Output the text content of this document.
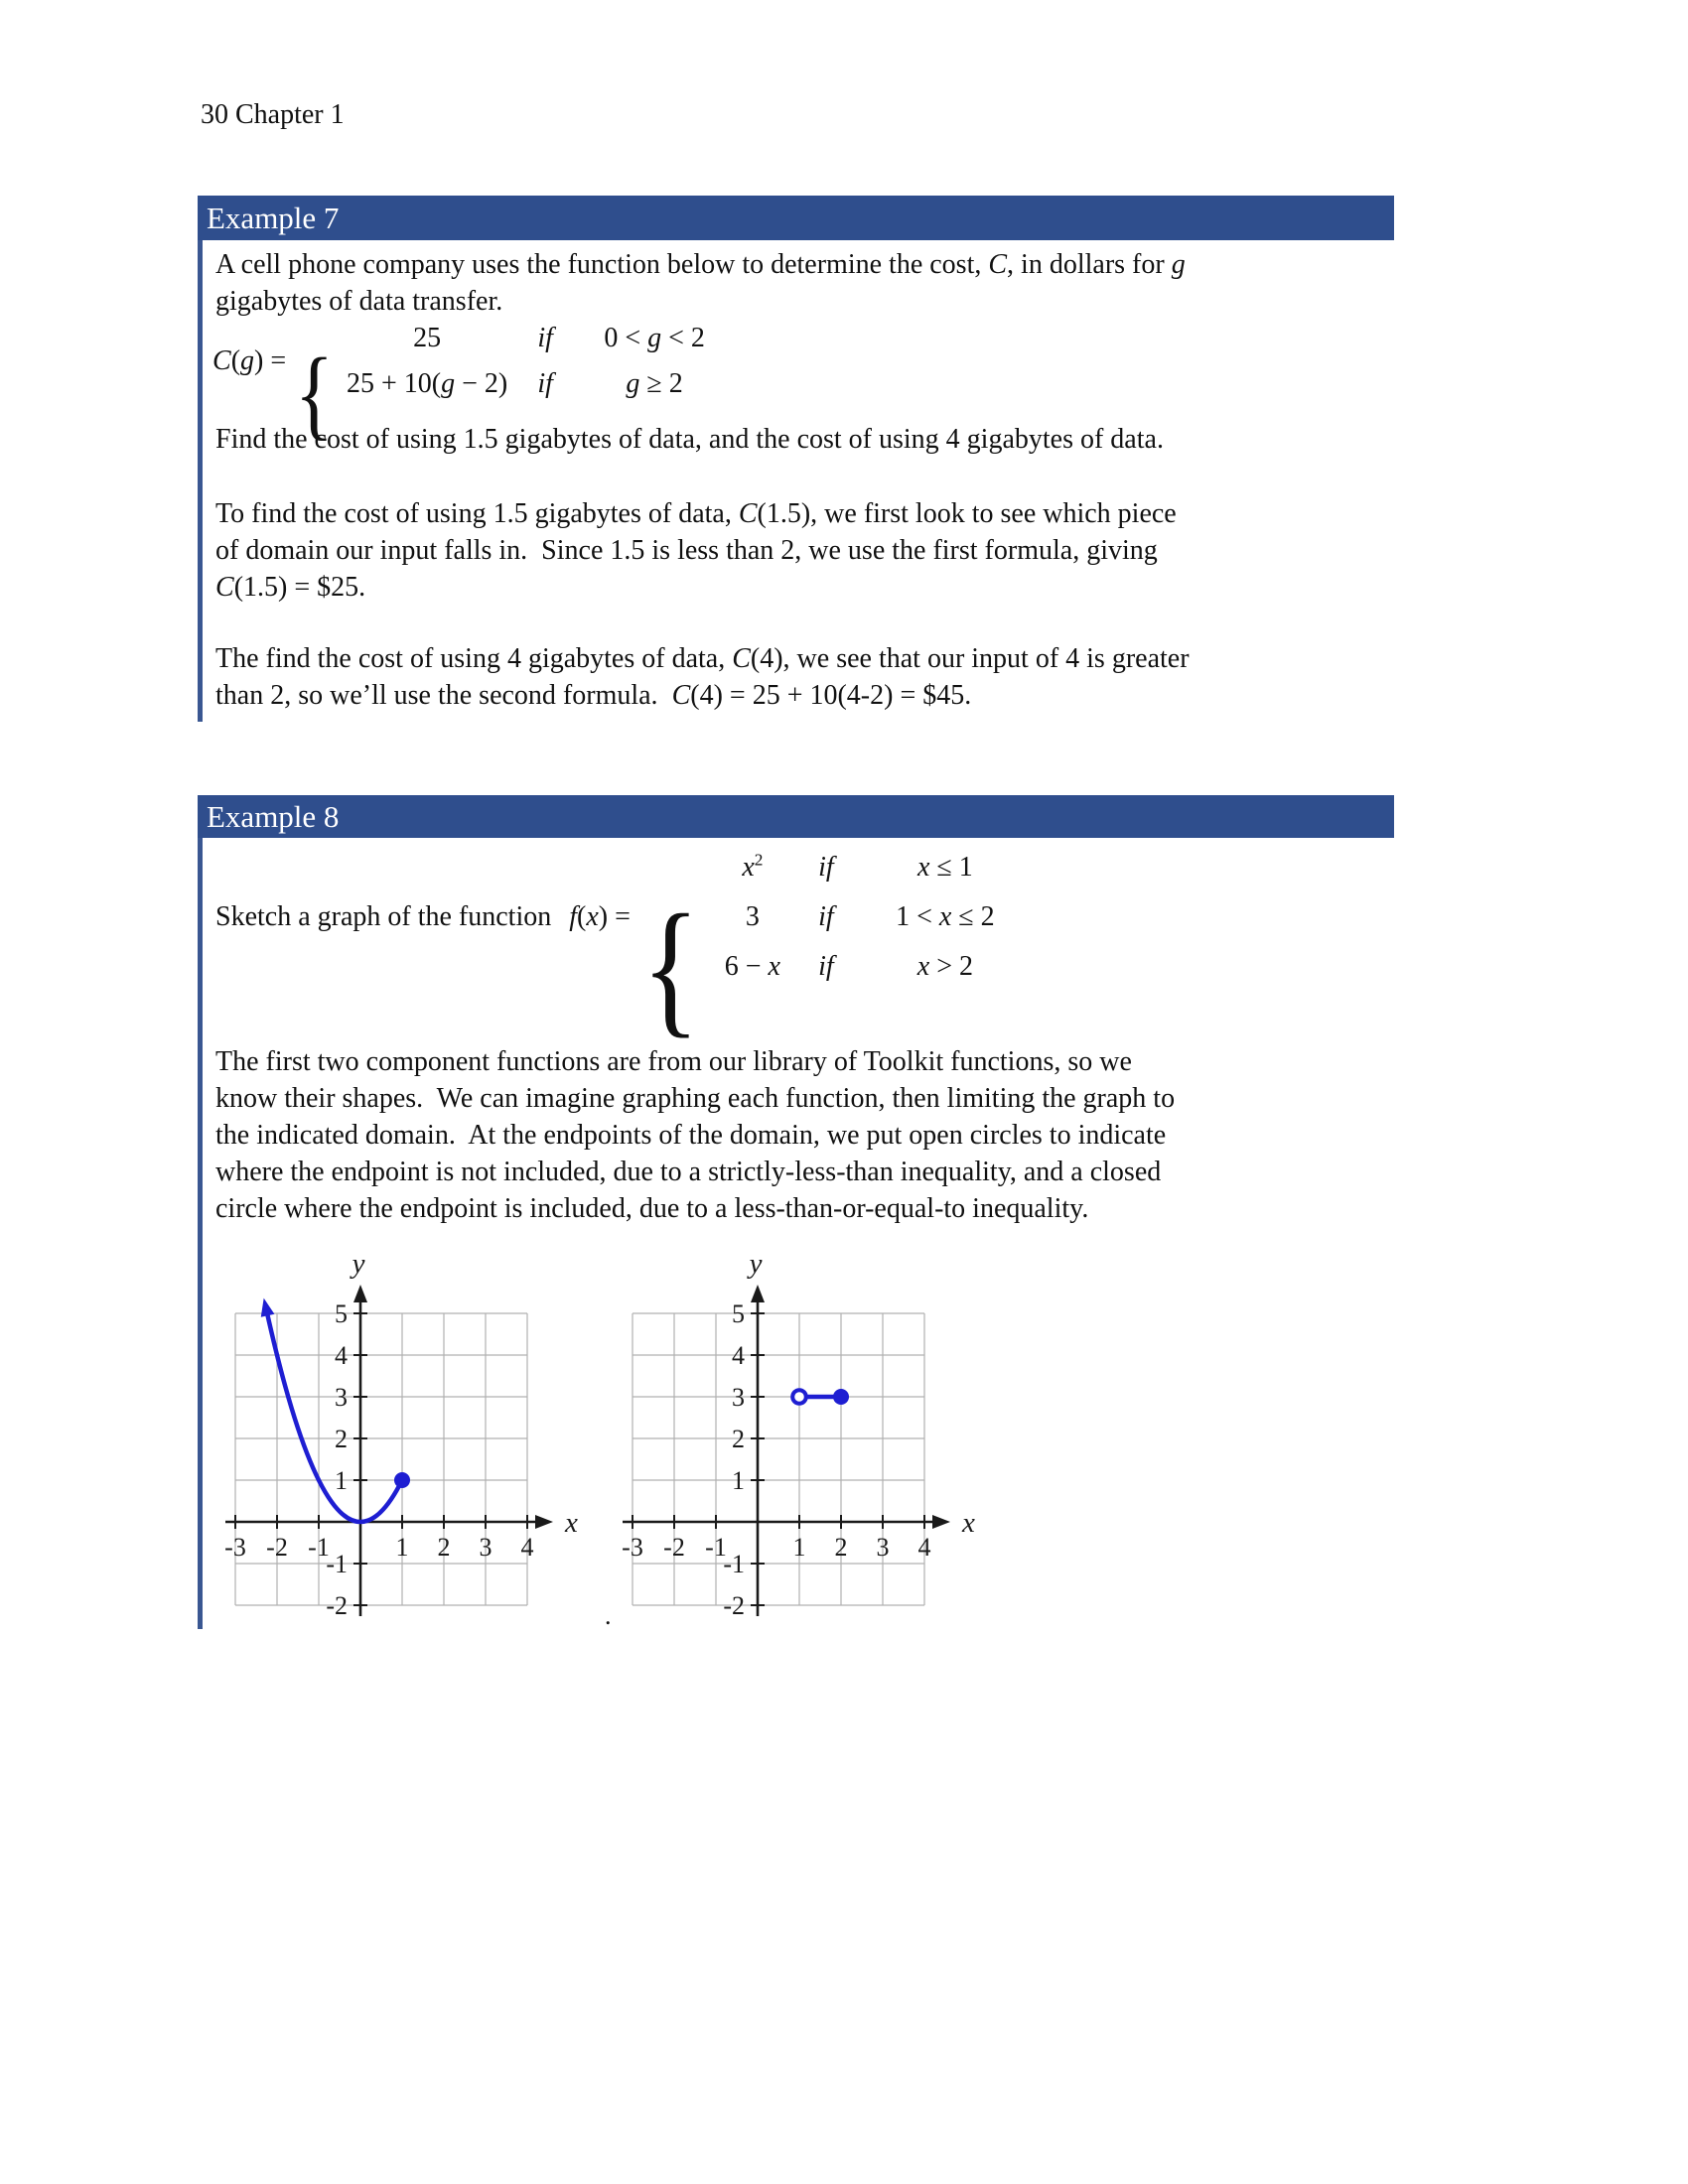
30 Chapter 1
Example 7
A cell phone company uses the function below to determine the cost, C, in dollars for g
gigabytes of data transfer.
C(g) = {
25	if	0 < g < 2
25 + 10(g − 2)	if	g ≥ 2
Find the cost of using 1.5 gigabytes of data, and the cost of using 4 gigabytes of data.
To find the cost of using 1.5 gigabytes of data, C(1.5), we first look to see which piece
of domain our input falls in.  Since 1.5 is less than 2, we use the first formula, giving
C(1.5) = $25.
The find the cost of using 4 gigabytes of data, C(4), we see that our input of 4 is greater
than 2, so we’ll use the second formula.  C(4) = 25 + 10(4-2) = $45.
Example 8
Sketch a graph of the function f(x) = {
$x^2$	if	x ≤ 1
3	if	1 < x ≤ 2
6 − x	if	x > 2
The first two component functions are from our library of Toolkit functions, so we
know their shapes.  We can imagine graphing each function, then limiting the graph to
the indicated domain.  At the endpoints of the domain, we put open circles to indicate
where the endpoint is not included, due to a strictly-less-than inequality, and a closed
circle where the endpoint is included, due to a less-than-or-equal-to inequality.
-3 -2 -1	1 2 3 4
-2
-1
1
2
3
4
5
x
y
-3 -2 -1	1 2 3 4
-2
-1
1
2
3
4
5
x
y
.
